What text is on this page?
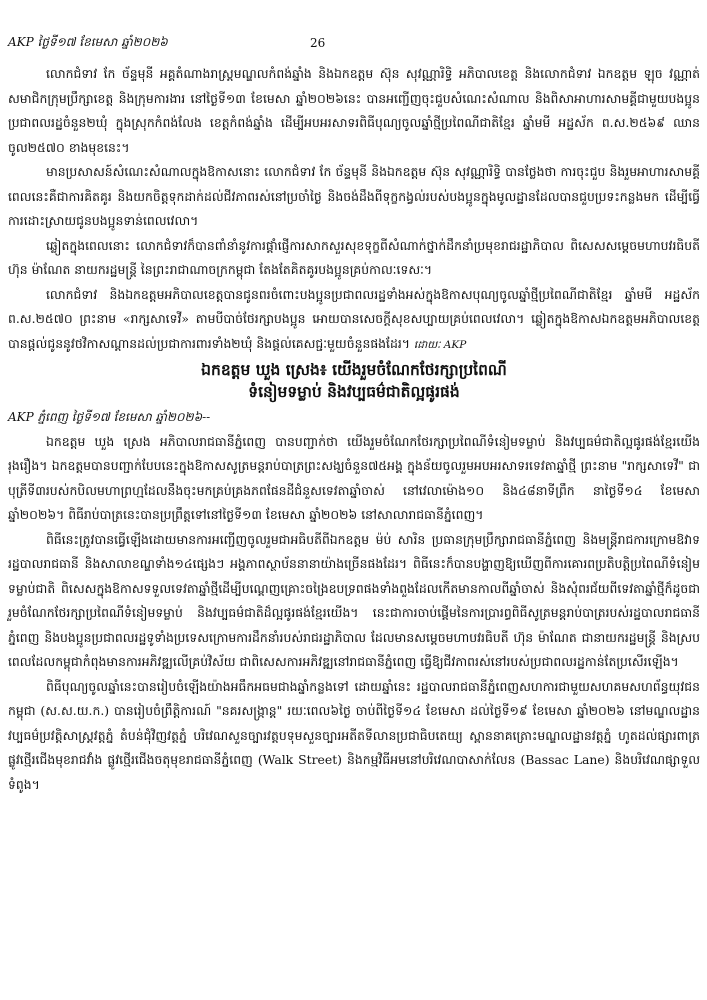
AKP ថ្ងៃទី១៧ ខែមេសា ឆ្នាំ២០២៦	26

លោកជំទាវ កែ ច័ន្ទមុនី អគ្គតំណាងរាស្រ្តមណ្ឌលកំពង់ឆ្នាំង និងឯកឧត្តម ស៊ុន សុវណ្ណារិទ្ធិ អភិបាលខេត្ត និងលោកជំទាវ ឯកឧត្តម ឡុច វណ្ណាត់ សមាជិកក្រុមប្រឹក្សាខេត្ត និងក្រុមការងារ នៅថ្ងៃទី១៣ ខែមេសា ឆ្នាំ២០២៦នេះ បានអញ្ជើញចុះជួបសំណេះសំណាល និងពិសាអាហារសាមគ្គីជាមួយបងប្អូនប្រជាពលរដ្ឋចំនួន២ឃុំ ក្នុងស្រុកកំពង់លែង ខេត្តកំពង់ឆ្នាំង ដើម្បីអបអរសាទរពិធីបុណ្យចូលឆ្នាំថ្មីប្រពៃណីជាតិខ្មែរ ឆ្នាំមមី អដ្ឋស័ក ព.ស.២៥៦៩ ឈានចូល២៥៧០ ខាងមុខនេះ។

មានប្រសាសន៍សំណេះសំណាលក្នុងឱកាសនោះ លោកជំទាវ កែ ច័ន្ទមុនី និងឯកឧត្តម ស៊ុន សុវណ្ណារិទ្ធិ បានថ្លែងថា ការចុះជួប និងរួមអាហារសាមគ្គីពេលនេះគឺជាការគិតគូរ និងយកចិត្តទុកដាក់ដល់ជីវភាពរស់នៅប្រចាំថ្ងៃ និងចង់ដឹងពីទុក្ខកង្វល់របស់បងប្អូនក្នុងមូលដ្ឋានដែលបានជួបប្រទះកន្លងមក ដើម្បីធ្វើការដោះស្រាយជូនបងប្អូនទាន់ពេលវេលា។

ឆ្លៀតក្នុងពេលនោះ លោកជំទាវក៏បានពាំនាំនូវការផ្តាំផ្ញើការសាកសួរសុខទុក្ខពីសំណាក់ថ្នាក់ដឹកនាំប្រមុខរាជរដ្ឋាភិបាល ពិសេសសម្តេចមហាបវរធិបតី ហ៊ុន ម៉ាណែត នាយករដ្ឋមន្ត្រី នៃព្រះរាជាណាចក្រកម្ពុជា តែងតែគិតគូរបងប្អូនគ្រប់កាលៈទេសៈ។

លោកជំទាវ និងឯកឧត្តមអភិបាលខេត្តបានជូនពរចំពោះបងប្អូនប្រជាពលរដ្ឋទាំងអស់ក្នុងឱកាសបុណ្យចូលឆ្នាំថ្មីប្រពៃណីជាតិខ្មែរ ឆ្នាំមមី អដ្ឋស័ក ព.ស.២៥៧០ ព្រះនាម «រាក្សសាទេវី» តាមបីបាច់ថែរក្សាបងប្អូន អោយបានសេចក្តីសុខសប្បាយគ្រប់ពេលវេលា។ ឆ្លៀតក្នុងឱកាសឯកឧត្តមអភិបាលខេត្តបានផ្តល់ជូននូវថវិកាសណ្តានដល់ប្រជាការពារទាំង២ឃុំ និងផ្តល់គេសជ្ជៈមួយចំនួនផងដែរ។ ដោយៈ AKP

ឯកឧត្តម ឃួង ស្រេង៖ យើងរួមចំណែកថែរក្សាប្រពៃណី
ទំនៀមទម្លាប់ និងវប្បធម៌ជាតិល្អផូរផង់
AKP ភ្នំពេញ ថ្ងៃទី១៧ ខែមេសា ឆ្នាំ២០២៦--

ឯកឧត្តម ឃួង ស្រេង អភិបាលរាជធានីភ្នំពេញ បានបញ្ជាក់ថា យើងរួមចំណែកថែរក្សាប្រពៃណីទំនៀមទម្លាប់ និងវប្បធម៌ជាតិល្អផូរផង់ខ្មែរយើងរុងរឿង។ ឯកឧត្តមបានបញ្ជាក់បែបនេះក្នុងឱកាសសូត្រមន្តរាប់បាត្រព្រះសង្ឃចំនួន៧៥អង្គ ក្នុងន័យចូលរួមអបអរសាទរទេវតាឆ្នាំថ្មី ព្រះនាម "រាក្សសាទេវី" ជាបុត្រីទី៣របស់កបិលមហាព្រហ្មដែលនឹងចុះមកគ្រប់គ្រងភពផែនដីជំនួសទេវតាឆ្នាំចាស់ នៅវេលាម៉ោង១០ និង៤៨នាទីព្រឹក នាថ្ងៃទី១៤ ខែមេសា ឆ្នាំ២០២៦។ ពិធីរាប់បាត្រនេះបានប្រព្រឹត្តទៅនៅថ្ងៃទី១៣ ខែមេសា ឆ្នាំ២០២៦ នៅសាលារាជធានីភ្នំពេញ។

ពិធីនេះត្រូវបានធ្វើឡើងដោយមានការអញ្ជើញចូលរួមជាអធិបតីពីឯកឧត្តម ម៉ប់ សារិន ប្រធានក្រុមប្រឹក្សារាជធានីភ្នំពេញ និងមន្ត្រីរាជការក្រោមឱវាទរដ្ឋបាលរាជធានី និងសាលាខណ្ឌទាំង១៤ផ្សេងៗ អង្គភាពស្ថាប័ននានាយ៉ាងច្រើនផងដែរ។ ពិធីនេះក៏បានបង្ហាញឱ្យឃើញពីការគោរពប្រតិបត្តិប្រពៃណីទំនៀមទម្លាប់ជាតិ ពិសេសក្នុងឱកាសទទួលទេវតាឆ្នាំថ្មីដើម្បីបណ្តេញគ្រោះចង្រៃឧបទ្រពផងទាំងពួងដែលកើតមានកាលពីឆ្នាំចាស់ និងសុំពរជ័យពីទេវតាឆ្នាំថ្មីក៏ដូចជារួមចំណែកថែរក្សាប្រពៃណីទំនៀមទម្លាប់ និងវប្បធម៌ជាតិដ៏ល្អផូរផង់ខ្មែរយើង។ នេះជាការចាប់ផ្តើមនៃការប្រារព្ធពិធីសូត្រមន្តរាប់បាត្ររបស់រដ្ឋបាលរាជធានីភ្នំពេញ និងបងប្អូនប្រជាពលរដ្ឋទូទាំងប្រទេសក្រោមការដឹកនាំរបស់រាជរដ្ឋាភិបាល ដែលមានសម្តេចមហាបវរធិបតី ហ៊ុន ម៉ាណែត ជានាយករដ្ឋមន្ត្រី និងស្របពេលដែលកម្ពុជាកំពុងមានការអភិវឌ្ឍលើគ្រប់វិស័យ ជាពិសេសការអភិវឌ្ឍនៅរាជធានីភ្នំពេញ ធ្វើឱ្យជីវភាពរស់នៅរបស់ប្រជាពលរដ្ឋកាន់តែប្រសើរឡើង។

ពិធីបុណ្យចូលឆ្នាំនេះបានរៀបចំឡើងយ៉ាងអធឹកអធមជាងឆ្នាំកន្លងទៅ ដោយឆ្នាំនេះ រដ្ឋបាលរាជធានីភ្នំពេញសហការជាមួយសហគមសហព័ន្ធយុវជនកម្ពុជា (ស.ស.យ.ក.) បានរៀបចំព្រឹត្តិការណ៍ "នគរសង្ក្រាន្ត" រយៈពេល៦ថ្ងៃ ចាប់ពីថ្ងៃទី១៤ ខែមេសា ដល់ថ្ងៃទី១៩ ខែមេសា ឆ្នាំ២០២៦ នៅមណ្ឌលដ្ឋានវប្បធម៌ប្រវត្តិសាស្ត្រវត្តភ្នំ តំបន់ជុំវិញវត្តភ្នំ បរិវេណសួនច្បារវត្តបទុមសួនច្បារអតីតទីលានប្រជាធិបតេយ្យ ស្ពាននាគត្រោះមណ្ឌលដ្ឋានវត្តភ្នំ ហូតដល់ផ្សារពាត្រ ផ្លូវថ្មើរជើងមុខរាជវាំង ផ្លូវថ្មើរជើងចតុមុខរាជធានីភ្នំពេញ (Walk Street) និងកម្មវិធីអមនៅបរិវេណបាសាក់លែន (Bassac Lane) និងបរិវេណផ្សាទួលទំពូង។
